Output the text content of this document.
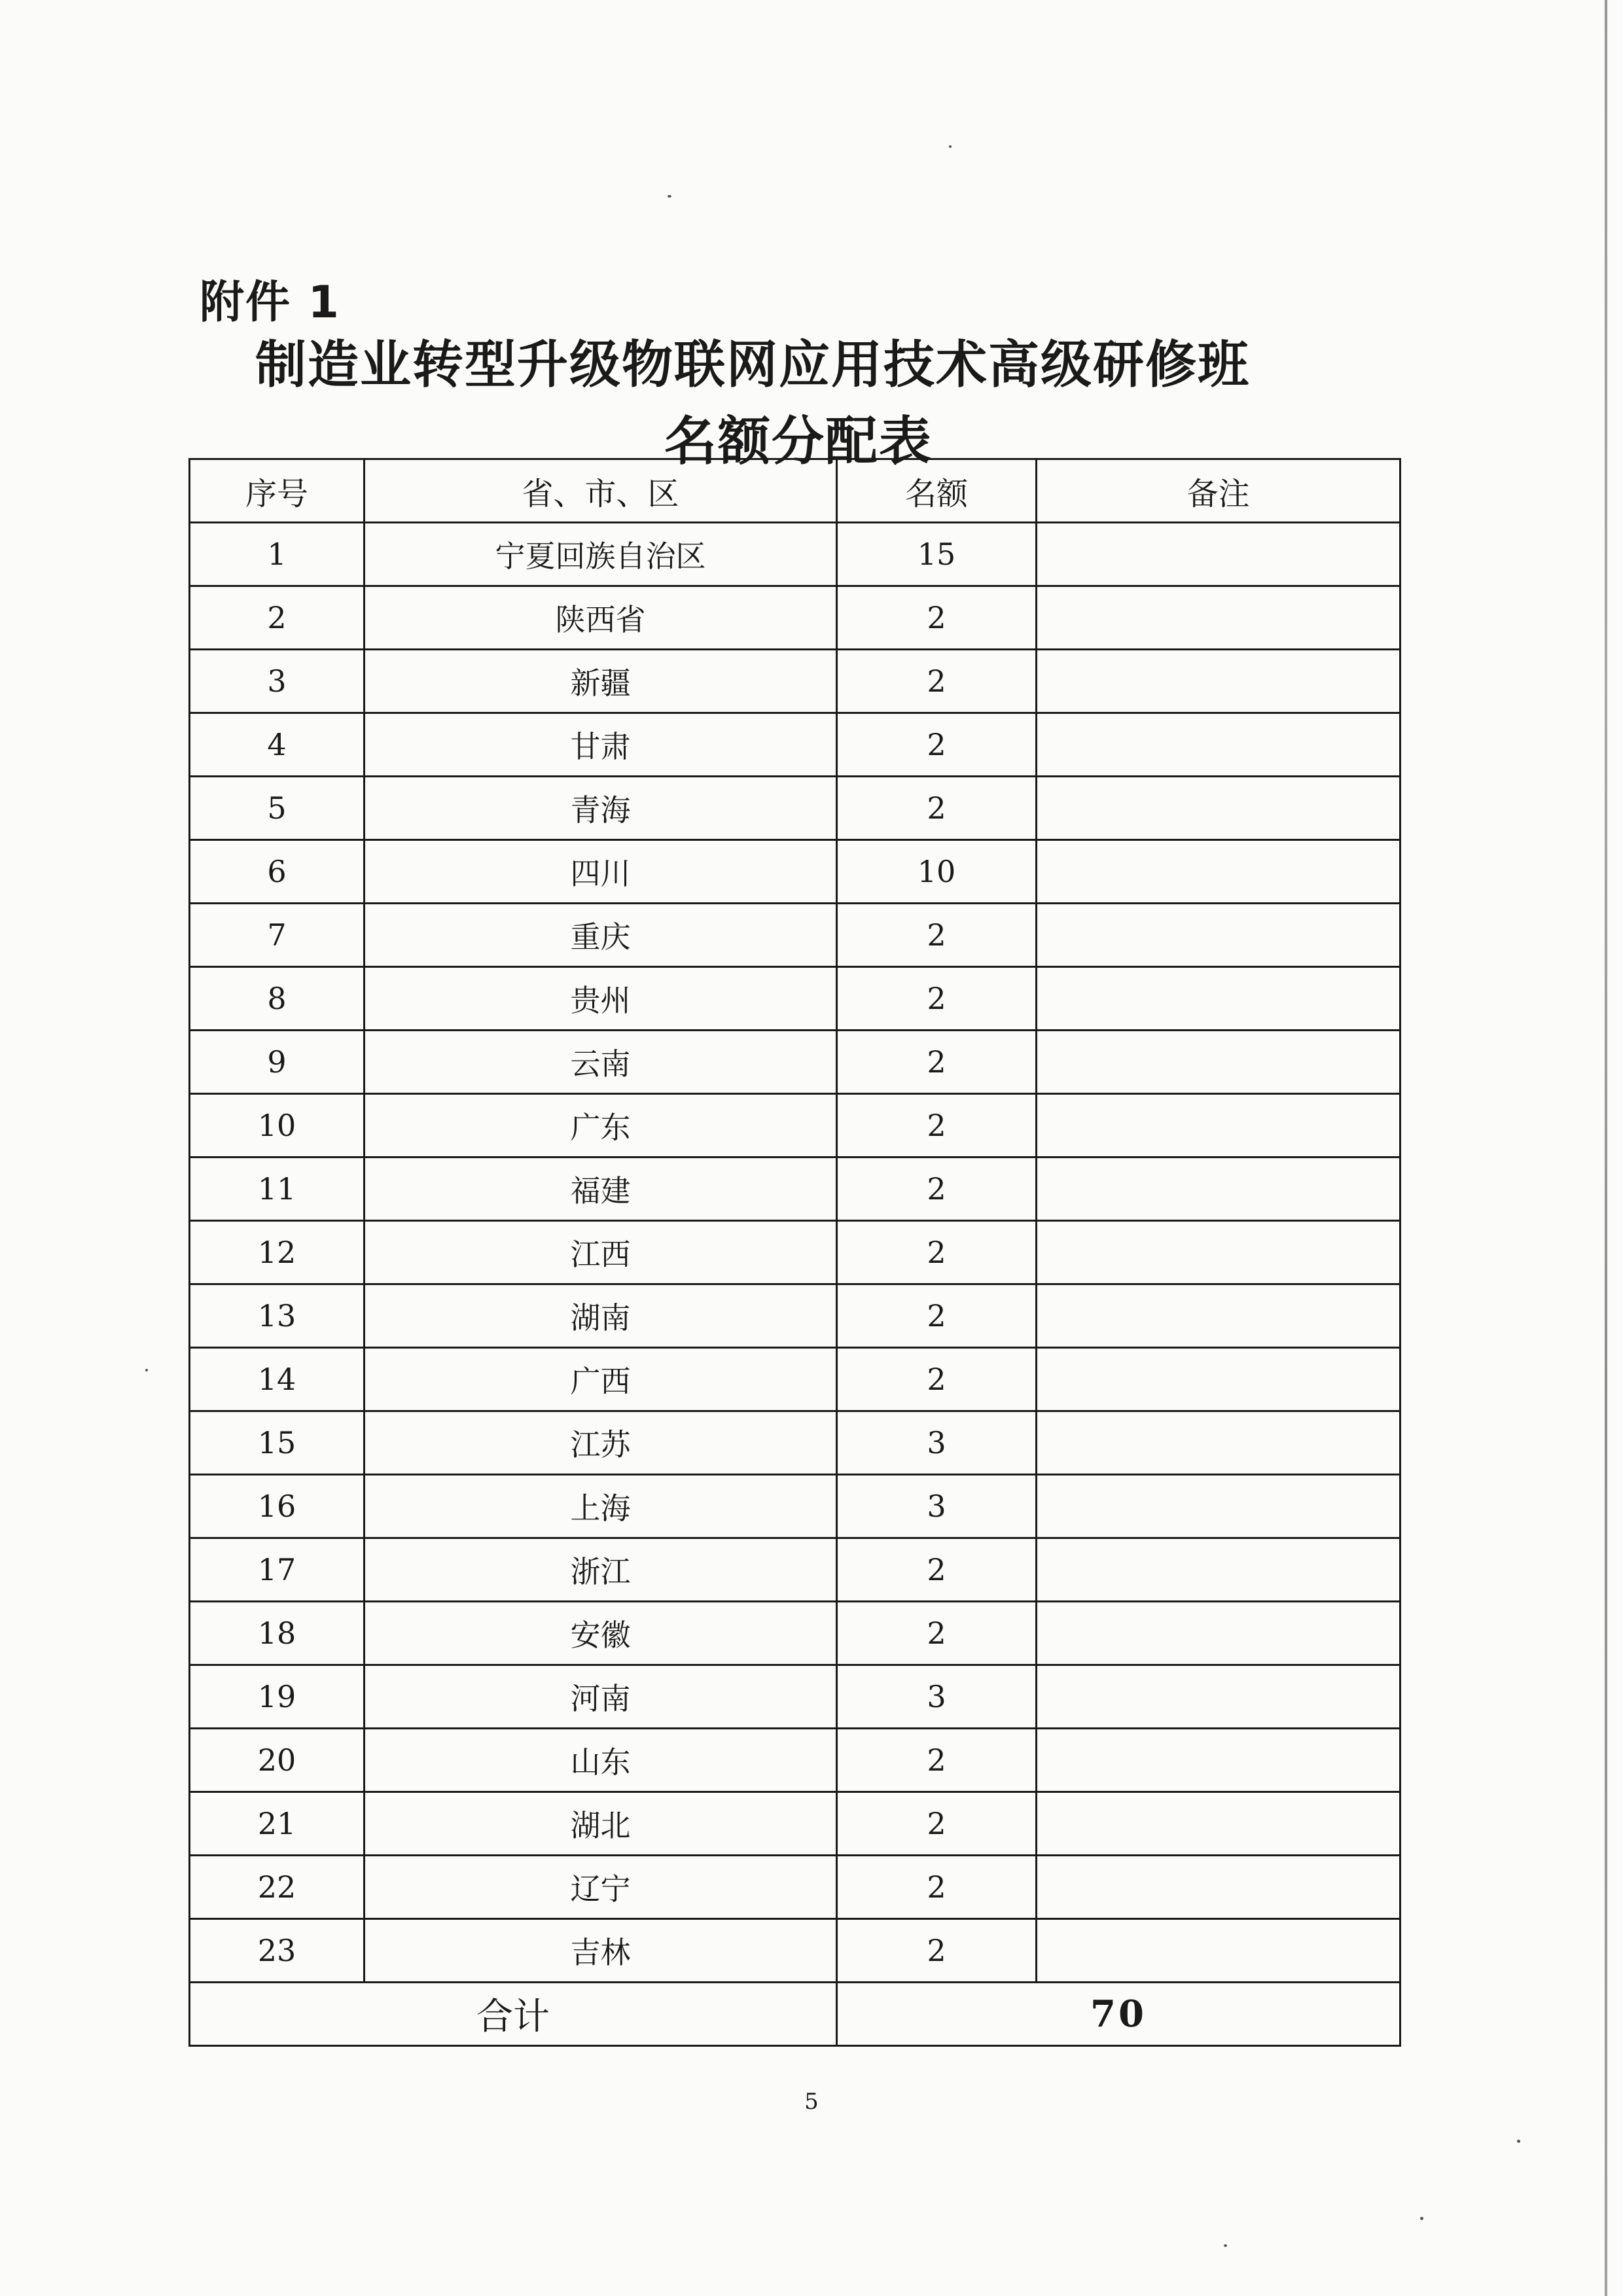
附件 1
制造业转型升级物联网应用技术高级研修班
名额分配表
序号	省、市、区	名额	备注
1	宁夏回族自治区	15	
2	陕西省	2	
3	新疆	2	
4	甘肃	2	
5	青海	2	
6	四川	10	
7	重庆	2	
8	贵州	2	
9	云南	2	
10	广东	2	
11	福建	2	
12	江西	2	
13	湖南	2	
14	广西	2	
15	江苏	3	
16	上海	3	
17	浙江	2	
18	安徽	2	
19	河南	3	
20	山东	2	
21	湖北	2	
22	辽宁	2	
23	吉林	2	
合计		70	
5
